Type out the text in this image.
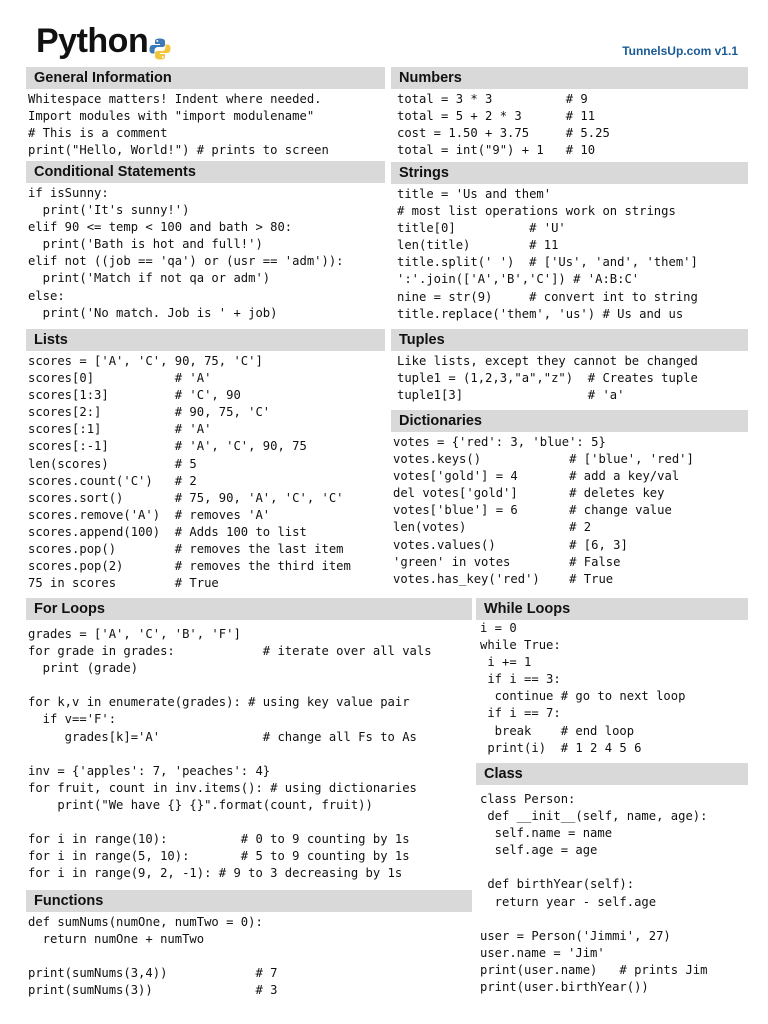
Python	TunnelsUp.com v1.1
General Information
Whitespace matters! Indent where needed.
Import modules with "import modulename"
# This is a comment
print("Hello, World!") # prints to screen
Numbers
total = 3 * 3          # 9
total = 5 + 2 * 3      # 11
cost = 1.50 + 3.75     # 5.25
total = int("9") + 1   # 10
Conditional Statements
if isSunny:
print('It's sunny!')
elif 90 <= temp < 100 and bath > 80:
print('Bath is hot and full!')
elif not ((job == 'qa') or (usr == 'adm')):
print('Match if not qa or adm')
else:
print('No match. Job is ' + job)
Strings
title = 'Us and them'
# most list operations work on strings
title[0]          # 'U'
len(title)        # 11
title.split(' ')  # ['Us', 'and', 'them']
':'.join(['A','B','C']) # 'A:B:C'
nine = str(9)     # convert int to string
title.replace('them', 'us') # Us and us
Lists
scores = ['A', 'C', 90, 75, 'C']
scores[0]           # 'A'
scores[1:3]         # 'C', 90
scores[2:]          # 90, 75, 'C'
scores[:1]          # 'A'
scores[:-1]         # 'A', 'C', 90, 75
len(scores)         # 5
scores.count('C')   # 2
scores.sort()       # 75, 90, 'A', 'C', 'C'
scores.remove('A')  # removes 'A'
scores.append(100)  # Adds 100 to list
scores.pop()        # removes the last item
scores.pop(2)       # removes the third item
75 in scores        # True
Tuples
Like lists, except they cannot be changed
tuple1 = (1,2,3,"a","z")  # Creates tuple
tuple1[3]                 # 'a'
Dictionaries
votes = {'red': 3, 'blue': 5}
votes.keys()            # ['blue', 'red']
votes['gold'] = 4       # add a key/val
del votes['gold']       # deletes key
votes['blue'] = 6       # change value
len(votes)              # 2
votes.values()          # [6, 3]
'green' in votes        # False
votes.has_key('red')    # True
For Loops
grades = ['A', 'C', 'B', 'F']
for grade in grades:            # iterate over all vals
print (grade)

for k,v in enumerate(grades): # using key value pair
if v=='F':
grades[k]='A'              # change all Fs to As

inv = {'apples': 7, 'peaches': 4}
for fruit, count in inv.items(): # using dictionaries
print("We have {} {}".format(count, fruit))

for i in range(10):          # 0 to 9 counting by 1s
for i in range(5, 10):       # 5 to 9 counting by 1s
for i in range(9, 2, -1): # 9 to 3 decreasing by 1s
While Loops
i = 0
while True:
i += 1
if i == 3:
continue # go to next loop
if i == 7:
break    # end loop
print(i)  # 1 2 4 5 6
Functions
def sumNums(numOne, numTwo = 0):
return numOne + numTwo

print(sumNums(3,4))            # 7
print(sumNums(3))              # 3
Class
class Person:
def __init__(self, name, age):
self.name = name
self.age = age

def birthYear(self):
return year - self.age

user = Person('Jimmi', 27)
user.name = 'Jim'
print(user.name)   # prints Jim
print(user.birthYear())
